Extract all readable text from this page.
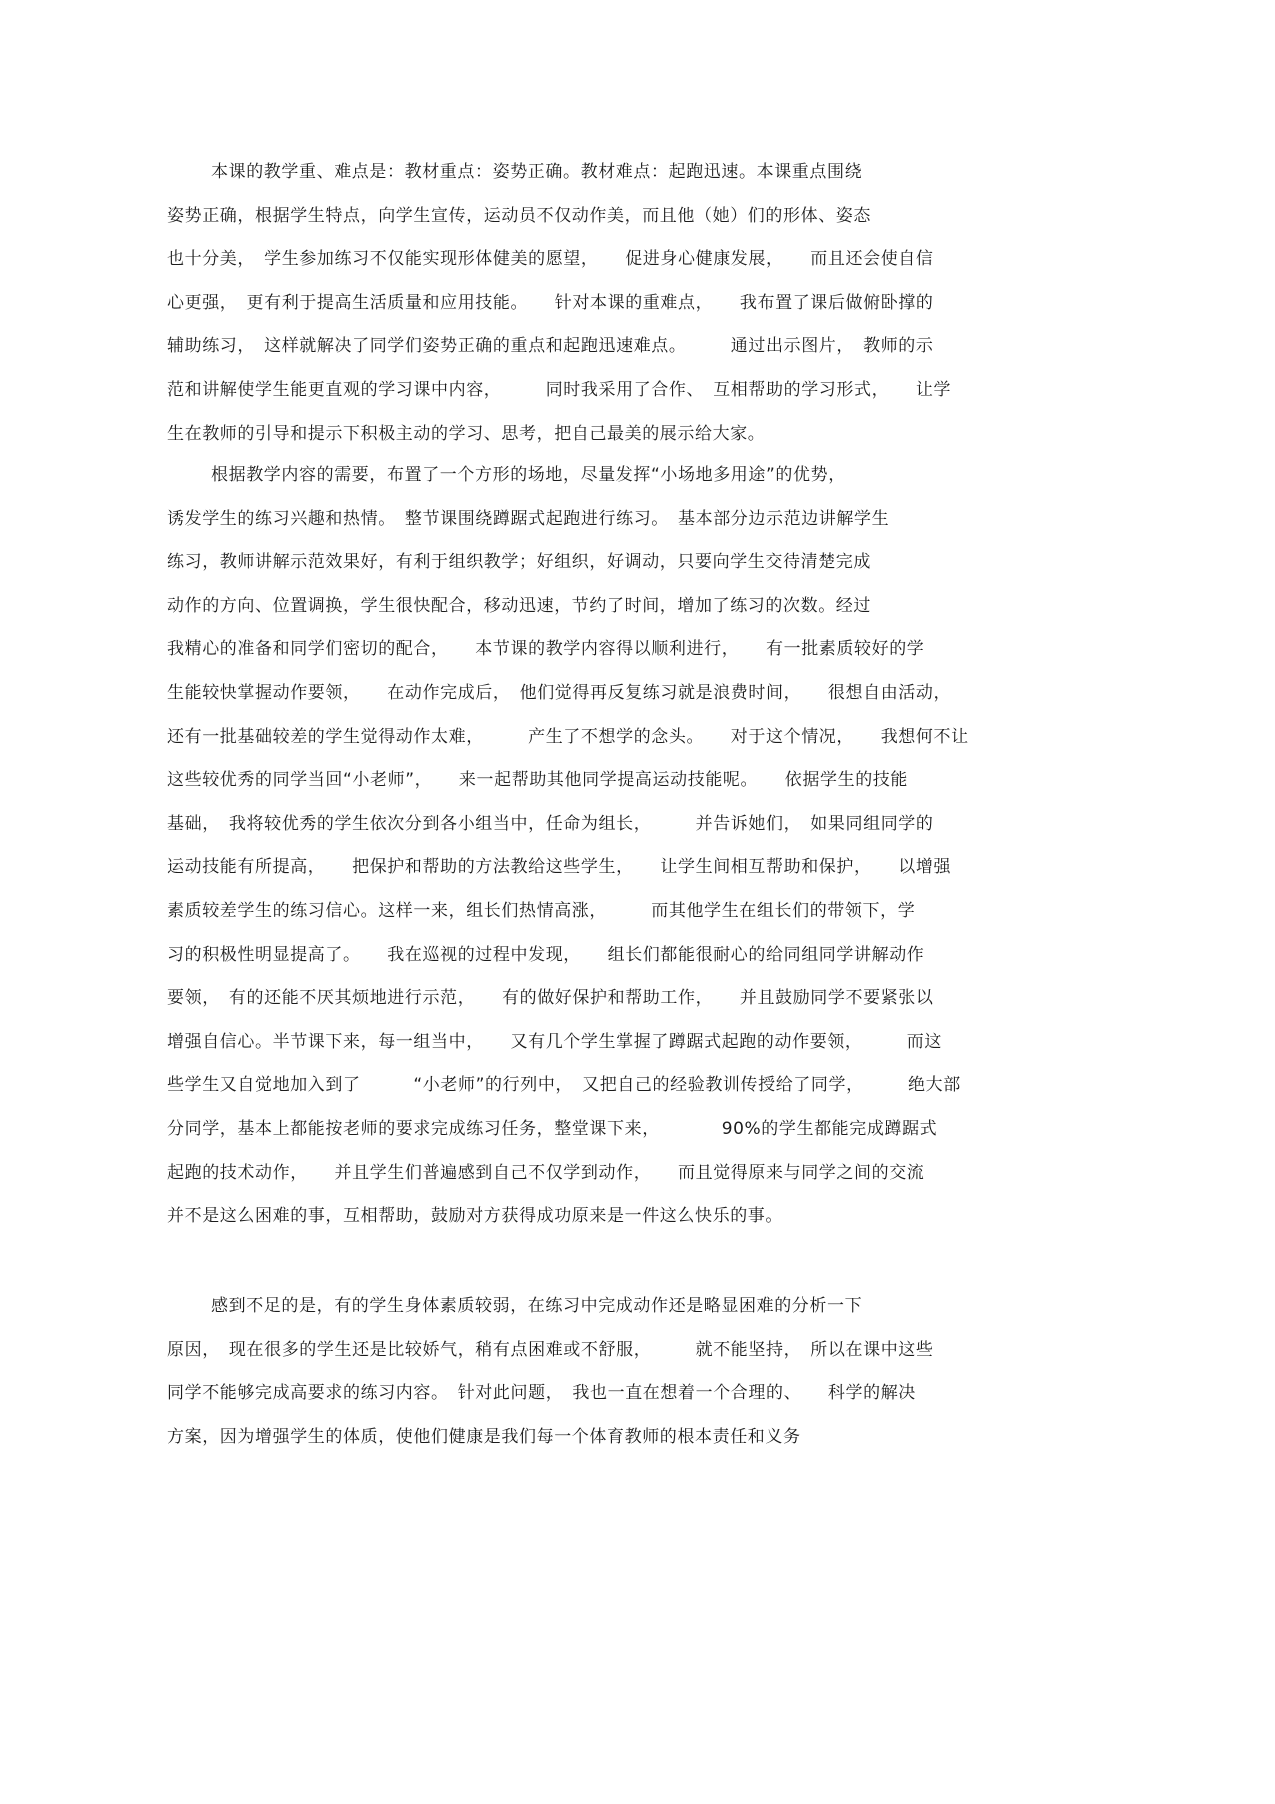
本课的教学重、难点是：教材重点：姿势正确。教材难点：起跑迅速。本课重点围绕
姿势正确，根据学生特点，向学生宣传，运动员不仅动作美，而且他（她）们的形体、姿态
也十分美，　学生参加练习不仅能实现形体健美的愿望，　　促进身心健康发展，　　而且还会使自信
心更强，　更有利于提高生活质量和应用技能。　　针对本课的重难点，　　我布置了课后做俯卧撑的
辅助练习，　这样就解决了同学们姿势正确的重点和起跑迅速难点。　　　通过出示图片，　教师的示
范和讲解使学生能更直观的学习课中内容，　　　同时我采用了合作、　互相帮助的学习形式，　　让学
生在教师的引导和提示下积极主动的学习、思考，把自己最美的展示给大家。
根据教学内容的需要，布置了一个方形的场地，尽量发挥“小场地多用途”的优势，
诱发学生的练习兴趣和热情。　整节课围绕蹲踞式起跑进行练习。　基本部分边示范边讲解学生
练习，教师讲解示范效果好，有利于组织教学；好组织，好调动，只要向学生交待清楚完成
动作的方向、位置调换，学生很快配合，移动迅速，节约了时间，增加了练习的次数。经过
我精心的准备和同学们密切的配合，　　本节课的教学内容得以顺利进行，　　有一批素质较好的学
生能较快掌握动作要领，　　在动作完成后，　他们觉得再反复练习就是浪费时间，　　很想自由活动，
还有一批基础较差的学生觉得动作太难，　　　产生了不想学的念头。　　对于这个情况，　　我想何不让
这些较优秀的同学当回“小老师”，　　来一起帮助其他同学提高运动技能呢。　　依据学生的技能
基础，　我将较优秀的学生依次分到各小组当中，任命为组长，　　　并告诉她们，　如果同组同学的
运动技能有所提高，　　把保护和帮助的方法教给这些学生，　　让学生间相互帮助和保护，　　以增强
素质较差学生的练习信心。这样一来，组长们热情高涨，　　　而其他学生在组长们的带领下，学
习的积极性明显提高了。　　我在巡视的过程中发现，　　组长们都能很耐心的给同组同学讲解动作
要领，　有的还能不厌其烦地进行示范，　　有的做好保护和帮助工作，　　并且鼓励同学不要紧张以
增强自信心。半节课下来，每一组当中，　　又有几个学生掌握了蹲踞式起跑的动作要领，　　　而这
些学生又自觉地加入到了　　　“小老师”的行列中，　又把自己的经验教训传授给了同学，　　　绝大部
分同学，基本上都能按老师的要求完成练习任务，整堂课下来，　　　　90%的学生都能完成蹲踞式
起跑的技术动作，　　并且学生们普遍感到自己不仅学到动作，　　而且觉得原来与同学之间的交流
并不是这么困难的事，互相帮助，鼓励对方获得成功原来是一件这么快乐的事。
感到不足的是，有的学生身体素质较弱，在练习中完成动作还是略显困难的分析一下
原因，　现在很多的学生还是比较娇气，稍有点困难或不舒服，　　　就不能坚持，　所以在课中这些
同学不能够完成高要求的练习内容。　针对此问题，　我也一直在想着一个合理的、　　科学的解决
方案，因为增强学生的体质，使他们健康是我们每一个体育教师的根本责任和义务
